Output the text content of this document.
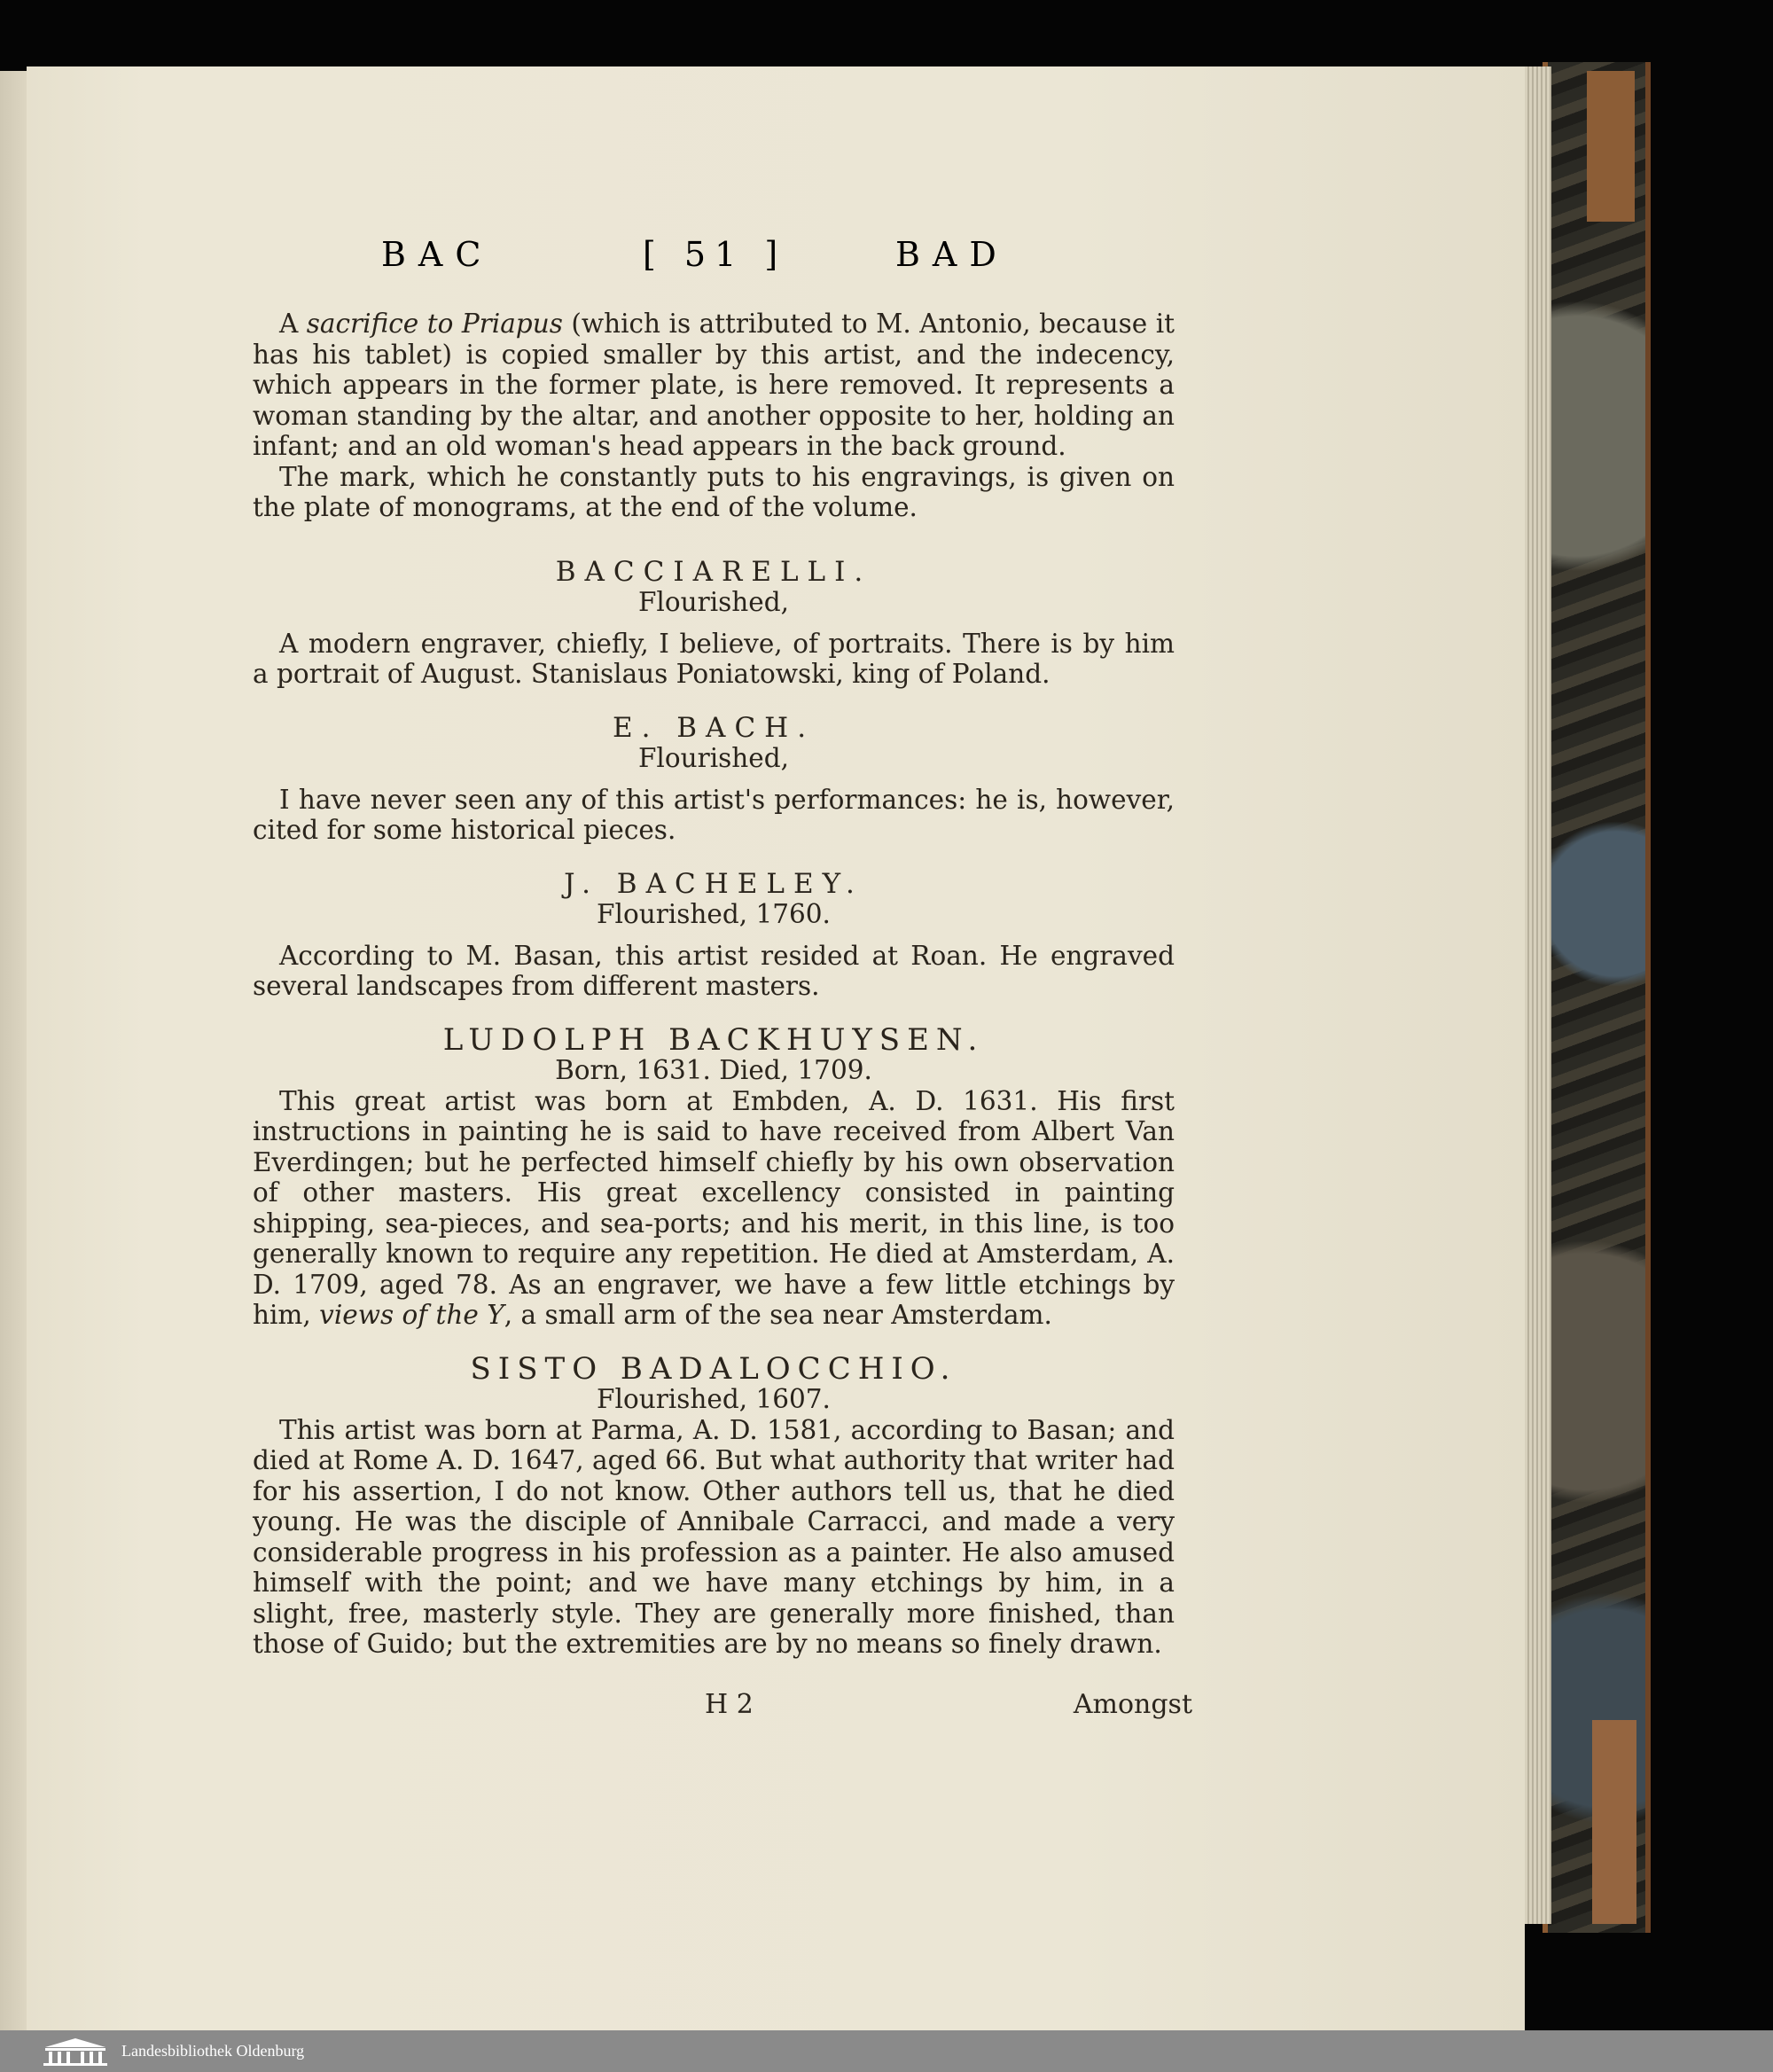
BAC	[ 51 ]	BAD

A sacrifice to Priapus (which is attributed to M. Antonio, because it has his tablet) is copied smaller by this artist, and the indecency, which appears in the former plate, is here removed. It represents a woman standing by the altar, and another opposite to her, holding an infant; and an old woman's head appears in the back ground.

The mark, which he constantly puts to his engravings, is given on the plate of monograms, at the end of the volume.

BACCIARELLI.

Flourished,

A modern engraver, chiefly, I believe, of portraits. There is by him a portrait of August. Stanislaus Poniatowski, king of Poland.

E. BACH.

Flourished,

I have never seen any of this artist's performances: he is, however, cited for some historical pieces.

J. BACHELEY.

Flourished, 1760.

According to M. Basan, this artist resided at Roan. He engraved several landscapes from different masters.

LUDOLPH BACKHUYSEN.

Born, 1631. Died, 1709.

This great artist was born at Embden, A. D. 1631. His first instructions in painting he is said to have received from Albert Van Everdingen; but he perfected himself chiefly by his own observation of other masters. His great excellency consisted in painting shipping, sea-pieces, and sea-ports; and his merit, in this line, is too generally known to require any repetition. He died at Amsterdam, A. D. 1709, aged 78. As an engraver, we have a few little etchings by him, views of the Y, a small arm of the sea near Amsterdam.

SISTO BADALOCCHIO.

Flourished, 1607.

This artist was born at Parma, A. D. 1581, according to Basan; and died at Rome A. D. 1647, aged 66. But what authority that writer had for his assertion, I do not know. Other authors tell us, that he died young. He was the disciple of Annibale Carracci, and made a very considerable progress in his profession as a painter. He also amused himself with the point; and we have many etchings by him, in a slight, free, masterly style. They are generally more finished, than those of Guido; but the extremities are by no means so finely drawn.

H 2	Amongst
Landesbibliothek Oldenburg
